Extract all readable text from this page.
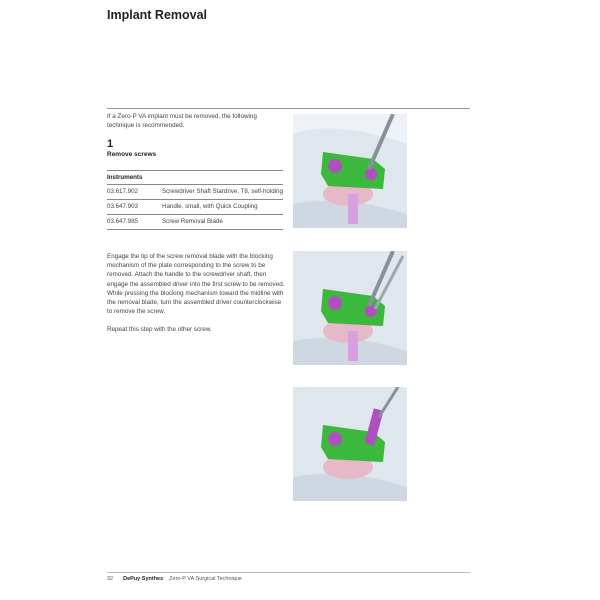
Implant Removal
If a Zero-P VA implant must be removed, the following technique is recommended.
1
Remove screws
Instruments	
03.617.902	Screwdriver Shaft Stardrive, T8, self-holding
03.647.903	Handle, small, with Quick Coupling
03.647.985	Screw Removal Blade

Engage the tip of the screw removal blade with the blocking mechanism of the plate corresponding to the screw to be removed. Attach the handle to the screwdriver shaft, then engage the assembled driver into the first screw to be removed. While pressing the blocking mechanism toward the midline with the removal blade, turn the assembled driver counterclockwise to remove the screw.

Repeat this step with the other screw.

32 DePuy Synthes Zero-P VA Surgical Technique
